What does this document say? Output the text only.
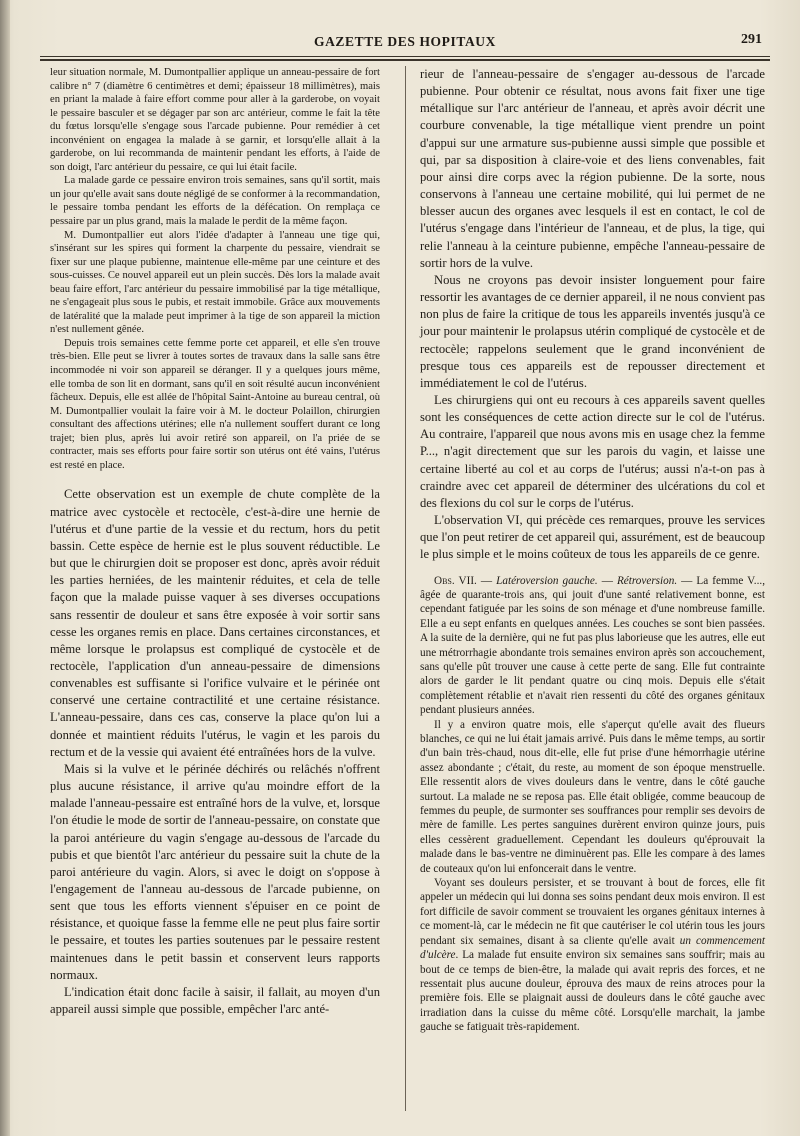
GAZETTE DES HOPITAUX	291

leur situation normale, M. Dumontpallier applique un anneau-pessaire de fort calibre n° 7 (diamètre 6 centimètres et demi; épaisseur 18 millimètres), mais en priant la malade à faire effort comme pour aller à la garderobe, on voyait le pessaire basculer et se dégager par son arc antérieur, comme le fait la tête du fœtus lorsqu'elle s'engage sous l'arcade pubienne. Pour remédier à cet inconvénient on engagea la malade à se garnir, et lorsqu'elle allait à la garderobe, on lui recommanda de maintenir pendant les efforts, à l'aide de son doigt, l'arc antérieur du pessaire, ce qui lui était facile.

La malade garde ce pessaire environ trois semaines, sans qu'il sortit, mais un jour qu'elle avait sans doute négligé de se conformer à la recommandation, le pessaire tomba pendant les efforts de la défécation. On remplaça ce pessaire par un plus grand, mais la malade le perdit de la même façon.

M. Dumontpallier eut alors l'idée d'adapter à l'anneau une tige qui, s'insérant sur les spires qui forment la charpente du pessaire, viendrait se fixer sur une plaque pubienne, maintenue elle-même par une ceinture et des sous-cuisses. Ce nouvel appareil eut un plein succès. Dès lors la malade avait beau faire effort, l'arc antérieur du pessaire immobilisé par la tige métallique, ne s'engageait plus sous le pubis, et restait immobile. Grâce aux mouvements de latéralité que la malade peut imprimer à la tige de son appareil la miction n'est nullement gênée.

Depuis trois semaines cette femme porte cet appareil, et elle s'en trouve très-bien. Elle peut se livrer à toutes sortes de travaux dans la salle sans être incommodée ni voir son appareil se déranger. Il y a quelques jours même, elle tomba de son lit en dormant, sans qu'il en soit résulté aucun inconvénient fâcheux. Depuis, elle est allée de l'hôpital Saint-Antoine au bureau central, où M. Dumontpallier voulait la faire voir à M. le docteur Polaillon, chirurgien consultant des affections utérines; elle n'a nullement souffert durant ce long trajet; bien plus, après lui avoir retiré son appareil, on l'a priée de se contracter, mais ses efforts pour faire sortir son utérus ont été vains, l'utérus est resté en place.

Cette observation est un exemple de chute complète de la matrice avec cystocèle et rectocèle, c'est-à-dire une hernie de l'utérus et d'une partie de la vessie et du rectum, hors du petit bassin. Cette espèce de hernie est le plus souvent réductible. Le but que le chirurgien doit se proposer est donc, après avoir réduit les parties herniées, de les maintenir réduites, et cela de telle façon que la malade puisse vaquer à ses diverses occupations sans ressentir de douleur et sans être exposée à voir sortir sans cesse les organes remis en place. Dans certaines circonstances, et même lorsque le prolapsus est compliqué de cystocèle et de rectocèle, l'application d'un anneau-pessaire de dimensions convenables est suffisante si l'orifice vulvaire et le périnée ont conservé une certaine contractilité et une certaine résistance. L'anneau-pessaire, dans ces cas, conserve la place qu'on lui a donnée et maintient réduits l'utérus, le vagin et les parois du rectum et de la vessie qui avaient été entraînées hors de la vulve.

Mais si la vulve et le périnée déchirés ou relâchés n'offrent plus aucune résistance, il arrive qu'au moindre effort de la malade l'anneau-pessaire est entraîné hors de la vulve, et, lorsque l'on étudie le mode de sortir de l'anneau-pessaire, on constate que la paroi antérieure du vagin s'engage au-dessous de l'arcade du pubis et que bientôt l'arc antérieur du pessaire suit la chute de la paroi antérieure du vagin. Alors, si avec le doigt on s'oppose à l'engagement de l'anneau au-dessous de l'arcade pubienne, on sent que tous les efforts viennent s'épuiser en ce point de résistance, et quoique fasse la femme elle ne peut plus faire sortir le pessaire, et toutes les parties soutenues par le pessaire restent maintenues dans le petit bassin et conservent leurs rapports normaux.

L'indication était donc facile à saisir, il fallait, au moyen d'un appareil aussi simple que possible, empêcher l'arc anté-

rieur de l'anneau-pessaire de s'engager au-dessous de l'arcade pubienne. Pour obtenir ce résultat, nous avons fait fixer une tige métallique sur l'arc antérieur de l'anneau, et après avoir décrit une courbure convenable, la tige métallique vient prendre un point d'appui sur une armature sus-pubienne aussi simple que possible et qui, par sa disposition à claire-voie et des liens convenables, fait pour ainsi dire corps avec la région pubienne. De la sorte, nous conservons à l'anneau une certaine mobilité, qui lui permet de ne blesser aucun des organes avec lesquels il est en contact, le col de l'utérus s'engage dans l'intérieur de l'anneau, et de plus, la tige, qui relie l'anneau à la ceinture pubienne, empêche l'anneau-pessaire de sortir hors de la vulve.

Nous ne croyons pas devoir insister longuement pour faire ressortir les avantages de ce dernier appareil, il ne nous convient pas non plus de faire la critique de tous les appareils inventés jusqu'à ce jour pour maintenir le prolapsus utérin compliqué de cystocèle et de rectocèle; rappelons seulement que le grand inconvénient de presque tous ces appareils est de repousser directement et immédiatement le col de l'utérus.

Les chirurgiens qui ont eu recours à ces appareils savent quelles sont les conséquences de cette action directe sur le col de l'utérus. Au contraire, l'appareil que nous avons mis en usage chez la femme P..., n'agit directement que sur les parois du vagin, et laisse une certaine liberté au col et au corps de l'utérus; aussi n'a-t-on pas à craindre avec cet appareil de déterminer des ulcérations du col et des flexions du col sur le corps de l'utérus.

L'observation VI, qui précède ces remarques, prouve les services que l'on peut retirer de cet appareil qui, assurément, est de beaucoup le plus simple et le moins coûteux de tous les appareils de ce genre.

Obs. VII. — Latéroversion gauche. — Rétroversion. — La femme V..., âgée de quarante-trois ans, qui jouit d'une santé relativement bonne, est cependant fatiguée par les soins de son ménage et d'une nombreuse famille. Elle a eu sept enfants en quelques années. Les couches se sont bien passées. A la suite de la dernière, qui ne fut pas plus laborieuse que les autres, elle eut une métrorrhagie abondante trois semaines environ après son accouchement, sans qu'elle pût trouver une cause à cette perte de sang. Elle fut contrainte alors de garder le lit pendant quatre ou cinq mois. Depuis elle s'était complètement rétablie et n'avait rien ressenti du côté des organes génitaux pendant plusieurs années.

Il y a environ quatre mois, elle s'aperçut qu'elle avait des flueurs blanches, ce qui ne lui était jamais arrivé. Puis dans le même temps, au sortir d'un bain très-chaud, nous dit-elle, elle fut prise d'une hémorrhagie utérine assez abondante ; c'était, du reste, au moment de son époque menstruelle. Elle ressentit alors de vives douleurs dans le ventre, dans le côté gauche surtout. La malade ne se reposa pas. Elle était obligée, comme beaucoup de femmes du peuple, de surmonter ses souffrances pour remplir ses devoirs de mère de famille. Les pertes sanguines durèrent environ quinze jours, puis elles cessèrent graduellement. Cependant les douleurs qu'éprouvait la malade dans le bas-ventre ne diminuèrent pas. Elle les compare à des lames de couteaux qu'on lui enfoncerait dans le ventre.

Voyant ses douleurs persister, et se trouvant à bout de forces, elle fit appeler un médecin qui lui donna ses soins pendant deux mois environ. Il est fort difficile de savoir comment se trouvaient les organes génitaux internes à ce moment-là, car le médecin ne fit que cautériser le col utérin tous les jours pendant six semaines, disant à sa cliente qu'elle avait un commencement d'ulcère. La malade fut ensuite environ six semaines sans souffrir; mais au bout de ce temps de bien-être, la malade qui avait repris des forces, et ne ressentait plus aucune douleur, éprouva des maux de reins atroces pour la première fois. Elle se plaignait aussi de douleurs dans le côté gauche avec irradiation dans la cuisse du même côté. Lorsqu'elle marchait, la jambe gauche se fatiguait très-rapidement.
